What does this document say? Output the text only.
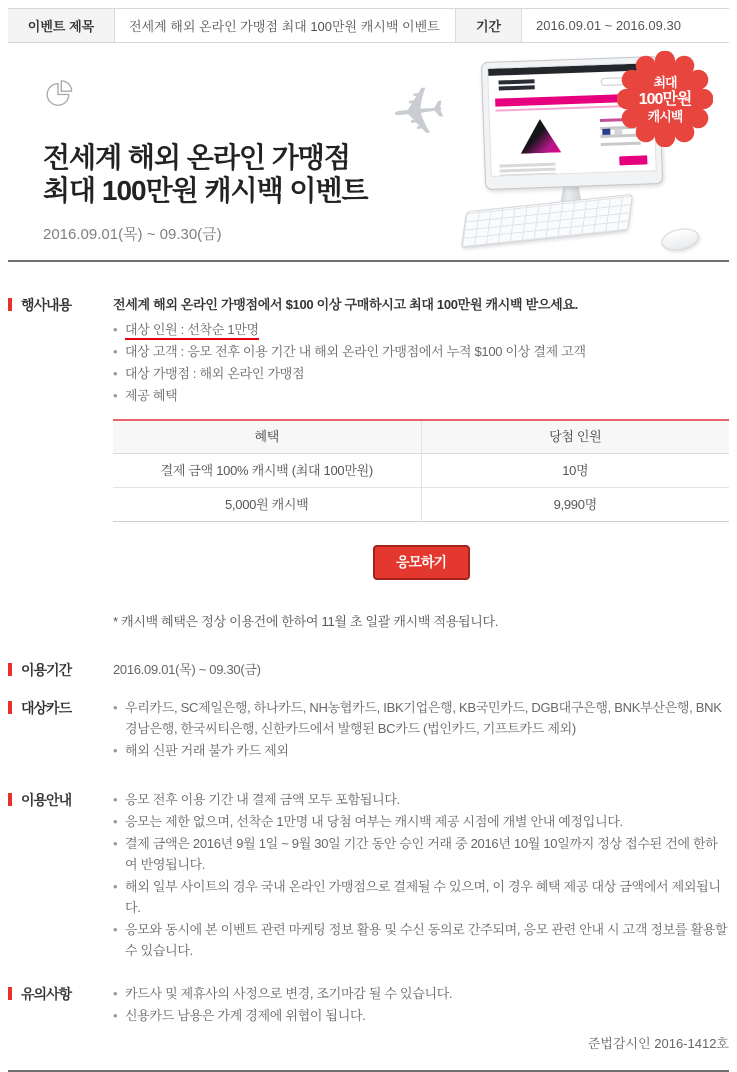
이벤트 제목	전세계 해외 온라인 가맹점 최대 100만원 캐시백 이벤트	기간	2016.09.01 ~ 2016.09.30
전세계 해외 온라인 가맹점
최대 100만원 캐시백 이벤트
2016.09.01(목) ~ 09.30(금)
✈	최대
100만원
캐시백
행사내용	전세계 해외 온라인 가맹점에서 $100 이상 구매하시고 최대 100만원 캐시백 받으세요.
• 대상 인원 : 선착순 1만명
• 대상 고객 : 응모 전후 이용 기간 내 해외 온라인 가맹점에서 누적 $100 이상 결제 고객
• 대상 가맹점 : 해외 온라인 가맹점
• 제공 혜택
혜택	당첨 인원
결제 금액 100% 캐시백 (최대 100만원)	10명
5,000원 캐시백	9,990명
응모하기
* 캐시백 혜택은 정상 이용건에 한하여 11월 초 일괄 캐시백 적용됩니다.
이용기간	2016.09.01(목) ~ 09.30(금)
대상카드	• 우리카드, SC제일은행, 하나카드, NH농협카드, IBK기업은행, KB국민카드, DGB대구은행, BNK부산은행, BNK경남은행, 한국씨티은행, 신한카드에서 발행된 BC카드 (법인카드, 기프트카드 제외)
• 해외 신판 거래 불가 카드 제외
이용안내	• 응모 전후 이용 기간 내 결제 금액 모두 포함됩니다.
• 응모는 제한 없으며, 선착순 1만명 내 당첨 여부는 캐시백 제공 시점에 개별 안내 예정입니다.
• 결제 금액은 2016년 9월 1일 ~ 9월 30일 기간 동안 승인 거래 중 2016년 10월 10일까지 정상 접수된 건에 한하여 반영됩니다.
• 해외 일부 사이트의 경우 국내 온라인 가맹점으로 결제될 수 있으며, 이 경우 혜택 제공 대상 금액에서 제외됩니다.
• 응모와 동시에 본 이벤트 관련 마케팅 정보 활용 및 수신 동의로 간주되며, 응모 관련 안내 시 고객 정보를 활용할 수 있습니다.
유의사항	• 카드사 및 제휴사의 사정으로 변경, 조기마감 될 수 있습니다.
• 신용카드 남용은 가계 경제에 위협이 됩니다.
준법감시인 2016-1412호
